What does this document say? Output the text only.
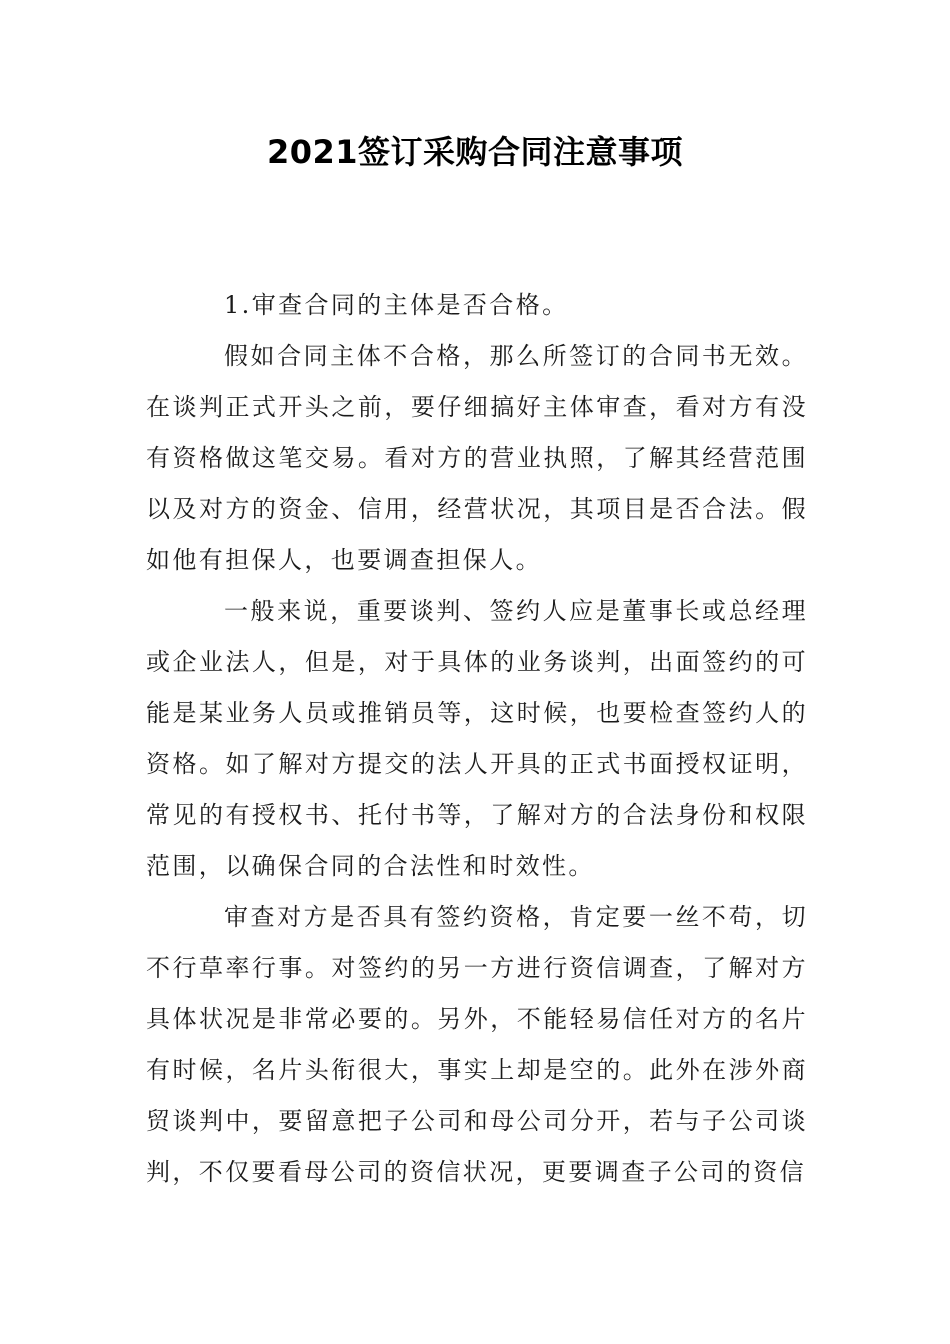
2021签订采购合同注意事项

1.审查合同的主体是否合格。

假如合同主体不合格，那么所签订的合同书无效。在谈判正式开头之前，要仔细搞好主体审查，看对方有没有资格做这笔交易。看对方的营业执照，了解其经营范围以及对方的资金、信用，经营状况，其项目是否合法。假如他有担保人，也要调查担保人。

一般来说，重要谈判、签约人应是董事长或总经理或企业法人，但是，对于具体的业务谈判，出面签约的可能是某业务人员或推销员等，这时候，也要检查签约人的资格。如了解对方提交的法人开具的正式书面授权证明，常见的有授权书、托付书等，了解对方的合法身份和权限范围，以确保合同的合法性和时效性。

审查对方是否具有签约资格，肯定要一丝不苟，切不行草率行事。对签约的另一方进行资信调查，了解对方具体状况是非常必要的。另外，不能轻易信任对方的名片有时候，名片头衔很大，事实上却是空的。此外在涉外商贸谈判中，要留意把子公司和母公司分开，若与子公司谈判，不仅要看母公司的资信状况，更要调查子公司的资信
